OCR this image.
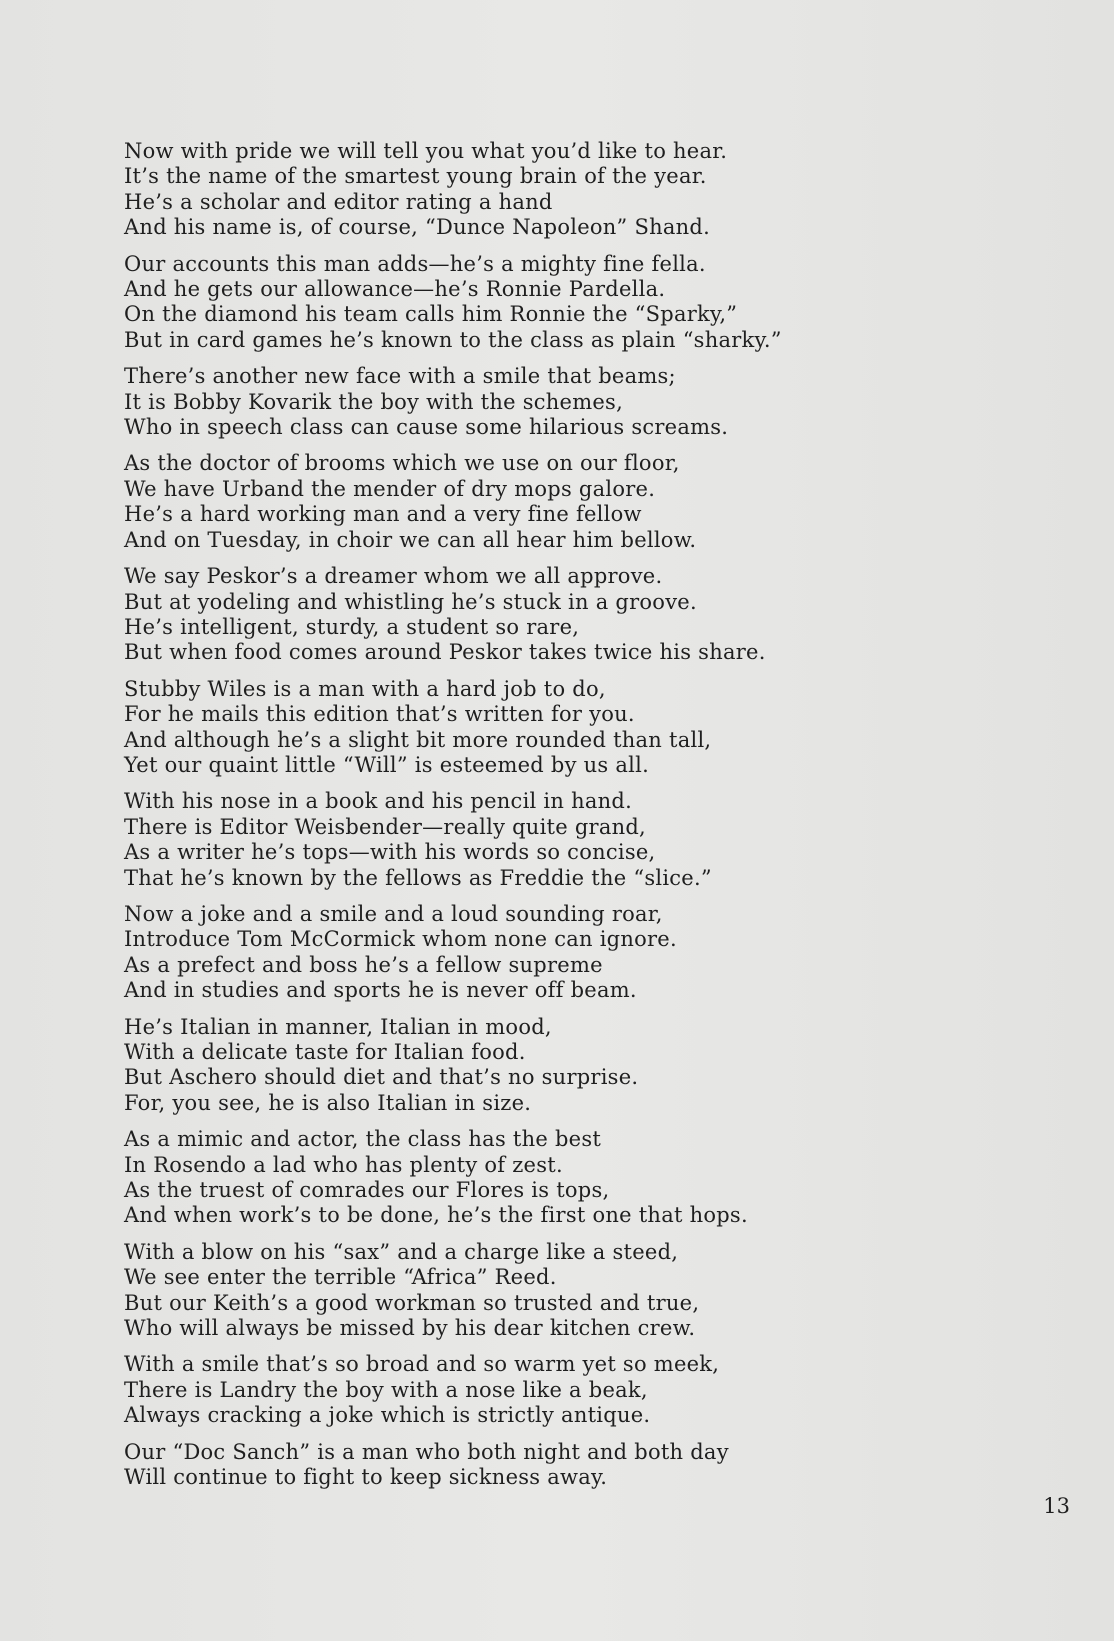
Now with pride we will tell you what you’d like to hear.
It’s the name of the smartest young brain of the year.
He’s a scholar and editor rating a hand
And his name is, of course, “Dunce Napoleon” Shand.
Our accounts this man adds—he’s a mighty fine fella.
And he gets our allowance—he’s Ronnie Pardella.
On the diamond his team calls him Ronnie the “Sparky,”
But in card games he’s known to the class as plain “sharky.”
There’s another new face with a smile that beams;
It is Bobby Kovarik the boy with the schemes,
Who in speech class can cause some hilarious screams.
As the doctor of brooms which we use on our floor,
We have Urband the mender of dry mops galore.
He’s a hard working man and a very fine fellow
And on Tuesday, in choir we can all hear him bellow.
We say Peskor’s a dreamer whom we all approve.
But at yodeling and whistling he’s stuck in a groove.
He’s intelligent, sturdy, a student so rare,
But when food comes around Peskor takes twice his share.
Stubby Wiles is a man with a hard job to do,
For he mails this edition that’s written for you.
And although he’s a slight bit more rounded than tall,
Yet our quaint little “Will” is esteemed by us all.
With his nose in a book and his pencil in hand.
There is Editor Weisbender—really quite grand,
As a writer he’s tops—with his words so concise,
That he’s known by the fellows as Freddie the “slice.”
Now a joke and a smile and a loud sounding roar,
Introduce Tom McCormick whom none can ignore.
As a prefect and boss he’s a fellow supreme
And in studies and sports he is never off beam.
He’s Italian in manner, Italian in mood,
With a delicate taste for Italian food.
But Aschero should diet and that’s no surprise.
For, you see, he is also Italian in size.
As a mimic and actor, the class has the best
In Rosendo a lad who has plenty of zest.
As the truest of comrades our Flores is tops,
And when work’s to be done, he’s the first one that hops.
With a blow on his “sax” and a charge like a steed,
We see enter the terrible “Africa” Reed.
But our Keith’s a good workman so trusted and true,
Who will always be missed by his dear kitchen crew.
With a smile that’s so broad and so warm yet so meek,
There is Landry the boy with a nose like a beak,
Always cracking a joke which is strictly antique.
Our “Doc Sanch” is a man who both night and both day
Will continue to fight to keep sickness away.
13
